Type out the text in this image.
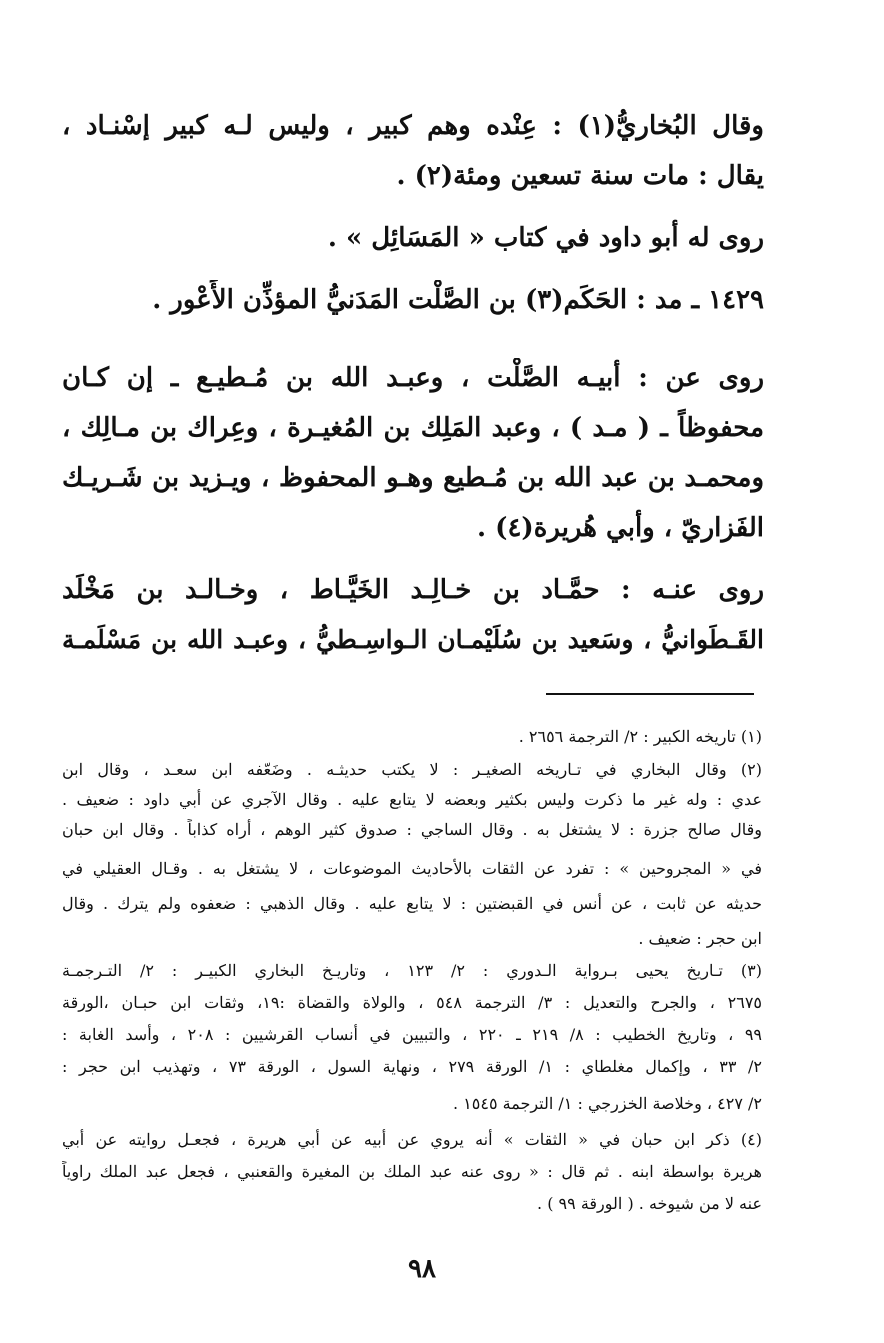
وقال البُخاريُّ(١) : عِنْده وهم كبير ، وليس لـه كبير إسْنـاد ،
يقال : مات سنة تسعين ومئة(٢) .
روى له أبو داود في كتاب « المَسَائِل » .
١٤٢٩ ـ مد : الحَكَم(٣) بن الصَّلْت المَدَنيُّ المؤذِّن الأَعْور .
روى عن : أبيـه الصَّلْت ، وعبـد الله بن مُـطيـع ـ إن كـان
محفوظاً ـ ( مـد ) ، وعبد المَلِك بن المُغيـرة ، وعِراك بن مـالِك ،
ومحمـد بن عبد الله بن مُـطيع وهـو المحفوظ ، ويـزيد بن شَـريـك
الفَزاريّ ، وأبي هُريرة(٤) .
روى عنـه : حمَّـاد بن خـالِـد الخَيَّـاط ، وخـالـد بن مَخْلَد
القَـطَوانيُّ ، وسَعيد بن سُلَيْمـان الـواسِـطيُّ ، وعبـد الله بن مَسْلَمـة
(١) تاريخه الكبير : ٢/ الترجمة ٢٦٥٦ .
(٢) وقال البخاري في تـاريخه الصغيـر : لا يكتب حديثـه . وضَعّفه ابن سعـد ، وقال ابن
عدي : وله غير ما ذكرت وليس بكثير وبعضه لا يتابع عليه . وقال الآجري عن أبي داود : ضعيف .
وقال صالح جزرة : لا يشتغل به . وقال الساجي : صدوق كثير الوهم ، أراه كذاباً . وقال ابن حبان
في « المجروحين » : تفرد عن الثقات بالأحاديث الموضوعات ، لا يشتغل به . وقـال العقيلي في
حديثه عن ثابت ، عن أنس في القبضتين : لا يتابع عليه . وقال الذهبي : ضعفوه ولم يترك . وقال
ابن حجر : ضعيف .
(٣) تـاريخ يحيى بـرواية الـدوري : ٢/ ١٢٣ ، وتاريـخ البخاري الكبيـر : ٢/ التـرجمـة
٢٦٧٥ ، والجرح والتعديل : ٣/ الترجمة ٥٤٨ ، والولاة والقضاة :١٩، وثقات ابن حبـان ،الورقة
٩٩ ، وتاريخ الخطيب : ٨/ ٢١٩ ـ ٢٢٠ ، والتبيين في أنساب القرشيين : ٢٠٨ ، وأسد الغابة :
٢/ ٣٣ ، وإكمال مغلطاي : ١/ الورقة ٢٧٩ ، ونهاية السول ، الورقة ٧٣ ، وتهذيب ابن حجر :
٢/ ٤٢٧ ، وخلاصة الخزرجي : ١/ الترجمة ١٥٤٥ .
(٤) ذكر ابن حبان في « الثقات » أنه يروي عن أبيه عن أبي هريرة ، فجعـل روايته عن أبي
هريرة بواسطة ابنه . ثم قال : « روى عنه عبد الملك بن المغيرة والقعنبي ، فجعل عبد الملك راوياً
عنه لا من شيوخه . ( الورقة ٩٩ ) .
٩٨
